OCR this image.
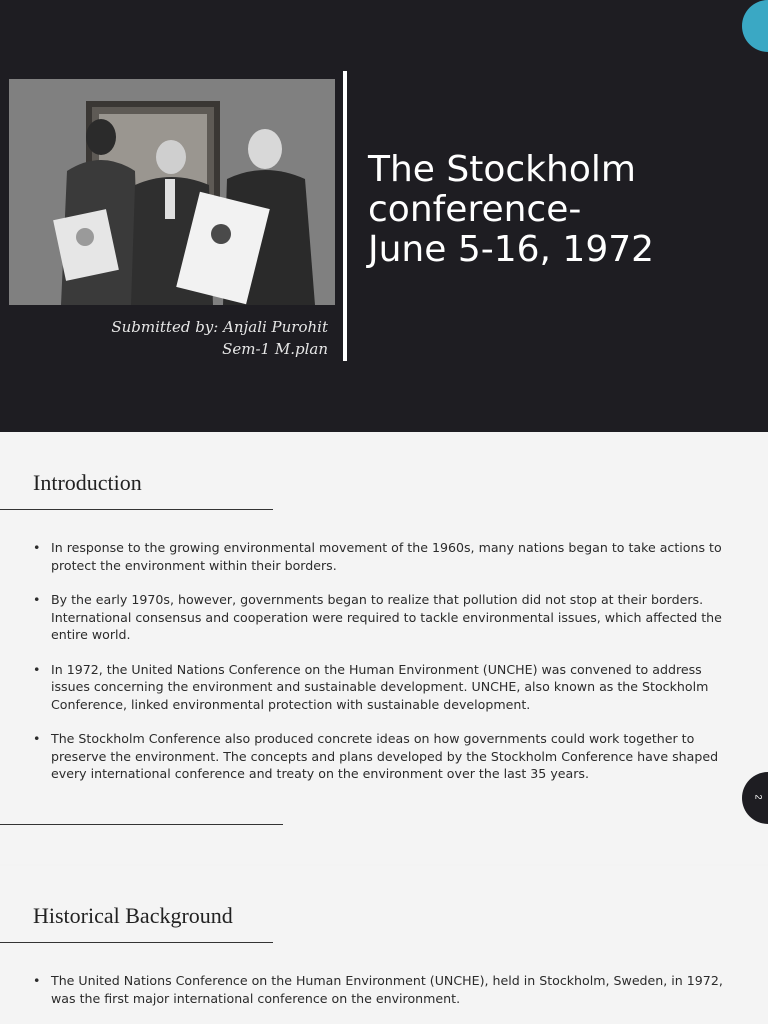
The Stockholm
conference-
June 5-16, 1972
Submitted by: Anjali Purohit
Sem-1 M.plan
Introduction
• In response to the growing environmental movement of the 1960s, many nations began to take actions to protect the environment within their borders.
• By the early 1970s, however, governments began to realize that pollution did not stop at their borders. International consensus and cooperation were required to tackle environmental issues, which affected the entire world.
• In 1972, the United Nations Conference on the Human Environment (UNCHE) was convened to address issues concerning the environment and sustainable development. UNCHE, also known as the Stockholm Conference, linked environmental protection with sustainable development.
• The Stockholm Conference also produced concrete ideas on how governments could work together to preserve the environment. The concepts and plans developed by the Stockholm Conference have shaped every international conference and treaty on the environment over the last 35 years.
2
Historical Background
• The United Nations Conference on the Human Environment (UNCHE), held in Stockholm, Sweden, in 1972, was the first major international conference on the environment.
